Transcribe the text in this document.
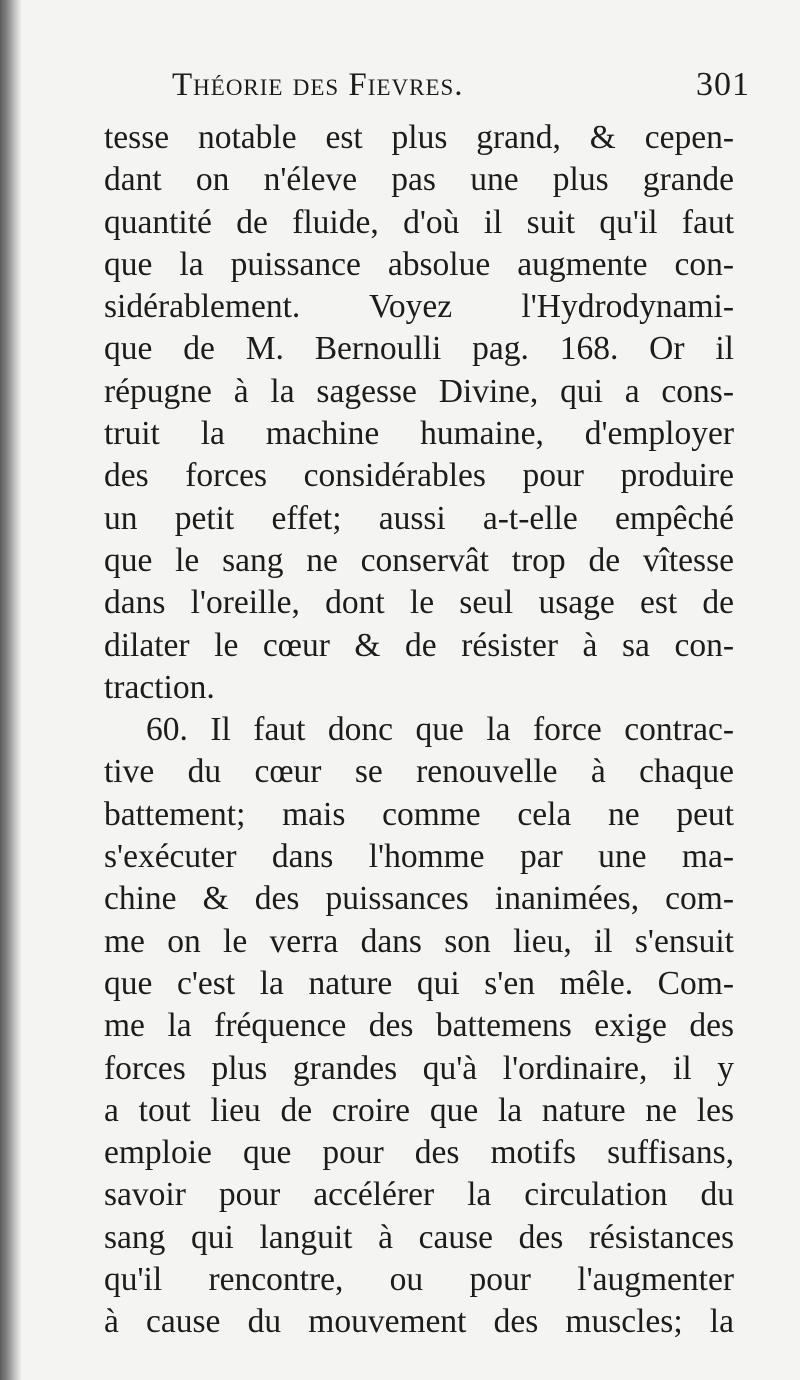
Théorie des Fievres.	301
tesse notable est plus grand, & cepen-
dant on n'éleve pas une plus grande
quantité de fluide, d'où il suit qu'il faut
que la puissance absolue augmente con-
sidérablement. Voyez l'Hydrodynami-
que de M. Bernoulli pag. 168. Or il
répugne à la sagesse Divine, qui a cons-
truit la machine humaine, d'employer
des forces considérables pour produire
un petit effet; aussi a-t-elle empêché
que le sang ne conservât trop de vîtesse
dans l'oreille, dont le seul usage est de
dilater le cœur & de résister à sa con-
traction.
60. Il faut donc que la force contrac-
tive du cœur se renouvelle à chaque
battement; mais comme cela ne peut
s'exécuter dans l'homme par une ma-
chine & des puissances inanimées, com-
me on le verra dans son lieu, il s'ensuit
que c'est la nature qui s'en mêle. Com-
me la fréquence des battemens exige des
forces plus grandes qu'à l'ordinaire, il y
a tout lieu de croire que la nature ne les
emploie que pour des motifs suffisans,
savoir pour accélérer la circulation du
sang qui languit à cause des résistances
qu'il rencontre, ou pour l'augmenter
à cause du mouvement des muscles; la
